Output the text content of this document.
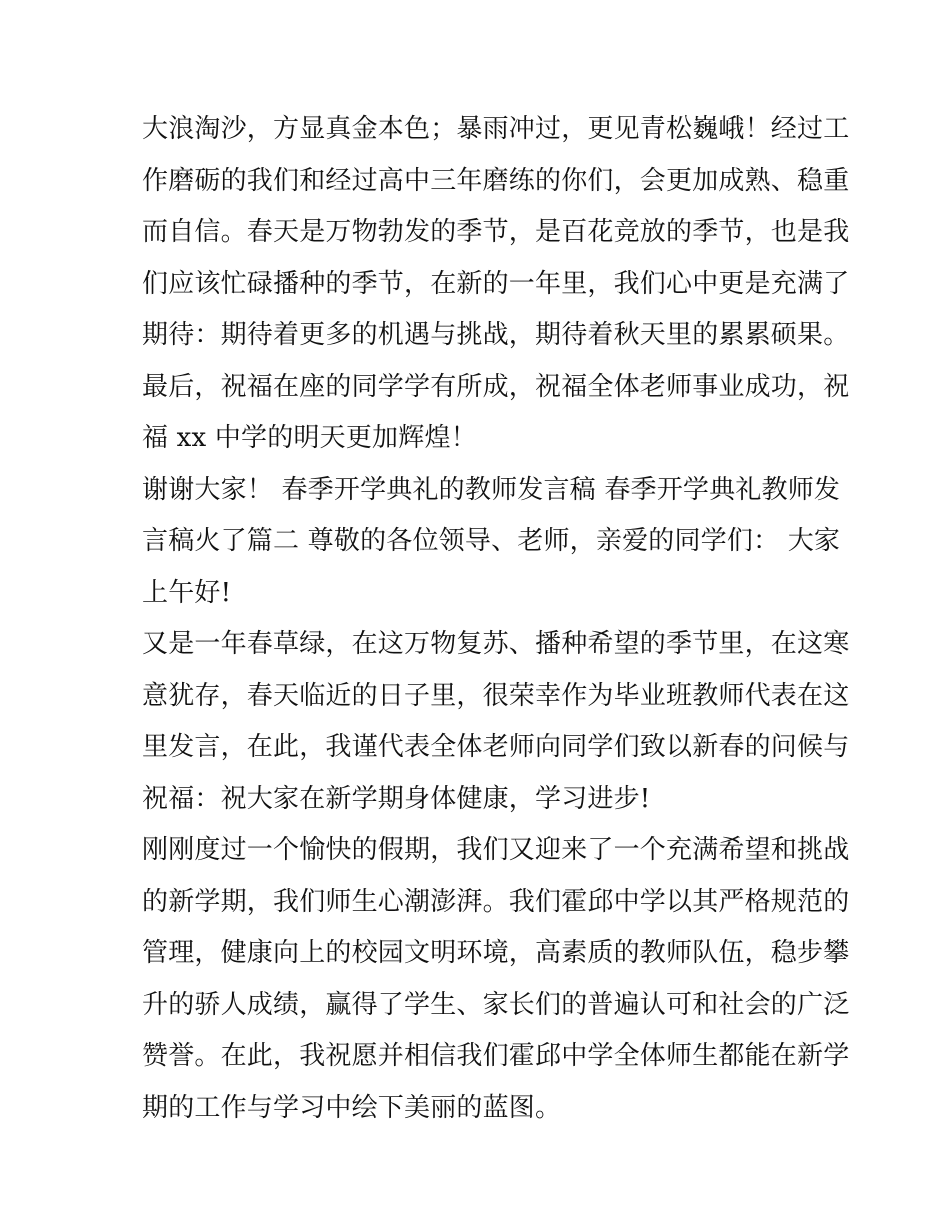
大浪淘沙，方显真金本色；暴雨冲过，更见青松巍峨！经过工
作磨砺的我们和经过高中三年磨练的你们，会更加成熟、稳重
而自信。春天是万物勃发的季节，是百花竞放的季节，也是我
们应该忙碌播种的季节，在新的一年里，我们心中更是充满了
期待：期待着更多的机遇与挑战，期待着秋天里的累累硕果。
最后，祝福在座的同学学有所成，祝福全体老师事业成功，祝
福 xx 中学的明天更加辉煌！
谢谢大家！ 春季开学典礼的教师发言稿 春季开学典礼教师发
言稿火了篇二 尊敬的各位领导、老师，亲爱的同学们： 大家
上午好!
又是一年春草绿，在这万物复苏、播种希望的季节里，在这寒
意犹存，春天临近的日子里，很荣幸作为毕业班教师代表在这
里发言，在此，我谨代表全体老师向同学们致以新春的问候与
祝福：祝大家在新学期身体健康，学习进步!
刚刚度过一个愉快的假期，我们又迎来了一个充满希望和挑战
的新学期，我们师生心潮澎湃。我们霍邱中学以其严格规范的
管理，健康向上的校园文明环境，高素质的教师队伍，稳步攀
升的骄人成绩，赢得了学生、家长们的普遍认可和社会的广泛
赞誉。在此，我祝愿并相信我们霍邱中学全体师生都能在新学
期的工作与学习中绘下美丽的蓝图。
